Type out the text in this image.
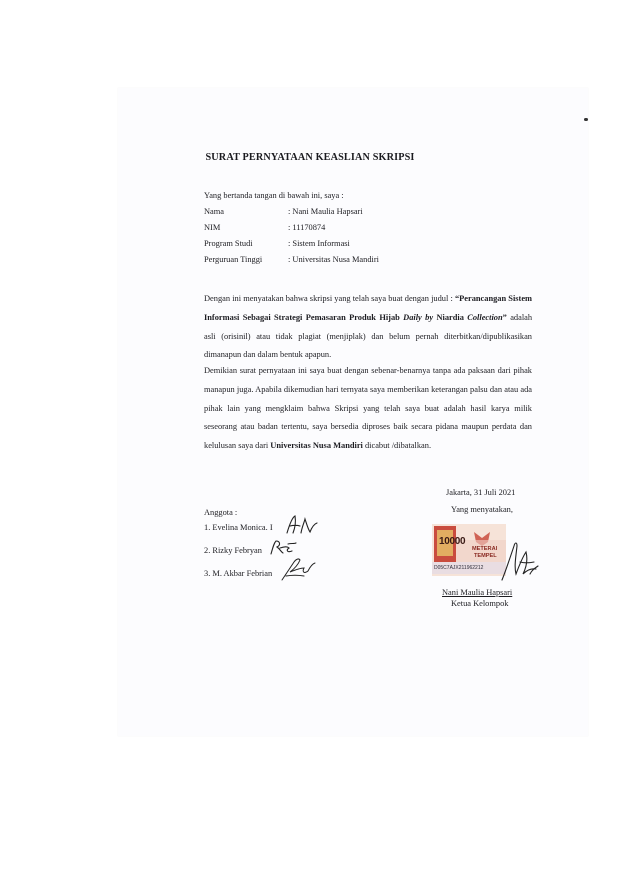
SURAT PERNYATAAN KEASLIAN SKRIPSI
Yang bertanda tangan di bawah ini, saya :
Nama	: Nani Maulia Hapsari
NIM	: 11170874
Program Studi	: Sistem Informasi
Perguruan Tinggi	: Universitas Nusa Mandiri
Dengan ini menyatakan bahwa skripsi yang telah saya buat dengan judul : “Perancangan Sistem Informasi Sebagai Strategi Pemasaran Produk Hijab Daily by Niardia Collection” adalah asli (orisinil) atau tidak plagiat (menjiplak) dan belum pernah diterbitkan/dipublikasikan dimanapun dan dalam bentuk apapun.
Demikian surat pernyataan ini saya buat dengan sebenar-benarnya tanpa ada paksaan dari pihak manapun juga. Apabila dikemudian hari ternyata saya memberikan keterangan palsu dan atau ada pihak lain yang mengklaim bahwa Skripsi yang telah saya buat adalah hasil karya milik seseorang atau badan tertentu, saya bersedia diproses baik secara pidana maupun perdata dan kelulusan saya dari Universitas Nusa Mandiri dicabut /dibatalkan.
Jakarta, 31 Juli 2021
Yang menyatakan,
Anggota :
1. Evelina Monica. I
2. Rizky Febryan
3. M. Akbar Febrian
10000
METERAI
TEMPEL
D05C7AJX211962212
Nani Maulia Hapsari
Ketua Kelompok
